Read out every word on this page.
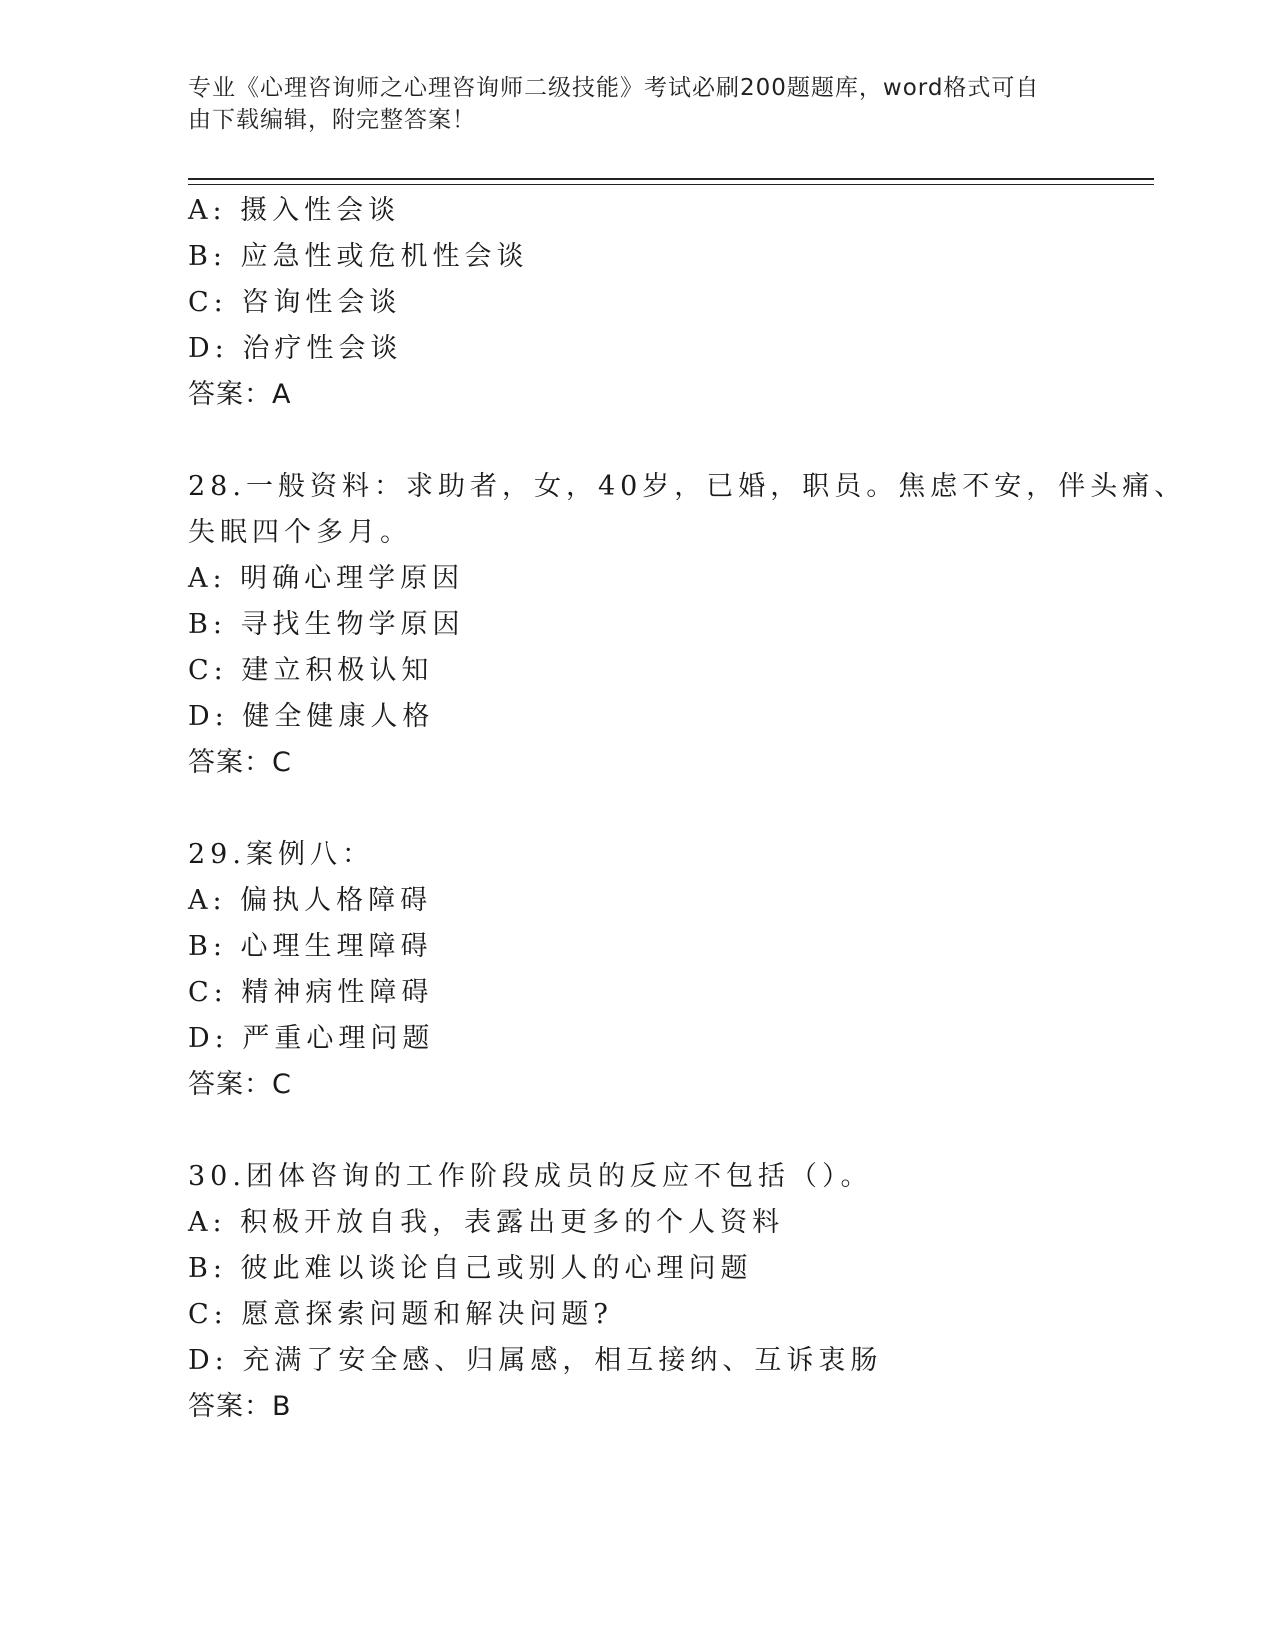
专业《心理咨询师之心理咨询师二级技能》考试必刷200题题库，word格式可自
由下载编辑，附完整答案！
A: 摄入性会谈
B: 应急性或危机性会谈
C: 咨询性会谈
D: 治疗性会谈
答案：A
28.一般资料：求助者，女，40岁，已婚，职员。焦虑不安，伴头痛、
失眠四个多月。
A: 明确心理学原因
B: 寻找生物学原因
C: 建立积极认知
D: 健全健康人格
答案：C
29.案例八：
A: 偏执人格障碍
B: 心理生理障碍
C: 精神病性障碍
D: 严重心理问题
答案：C
30.团体咨询的工作阶段成员的反应不包括（）。
A: 积极开放自我，表露出更多的个人资料
B: 彼此难以谈论自己或别人的心理问题
C: 愿意探索问题和解决问题?
D: 充满了安全感、归属感，相互接纳、互诉衷肠
答案：B
